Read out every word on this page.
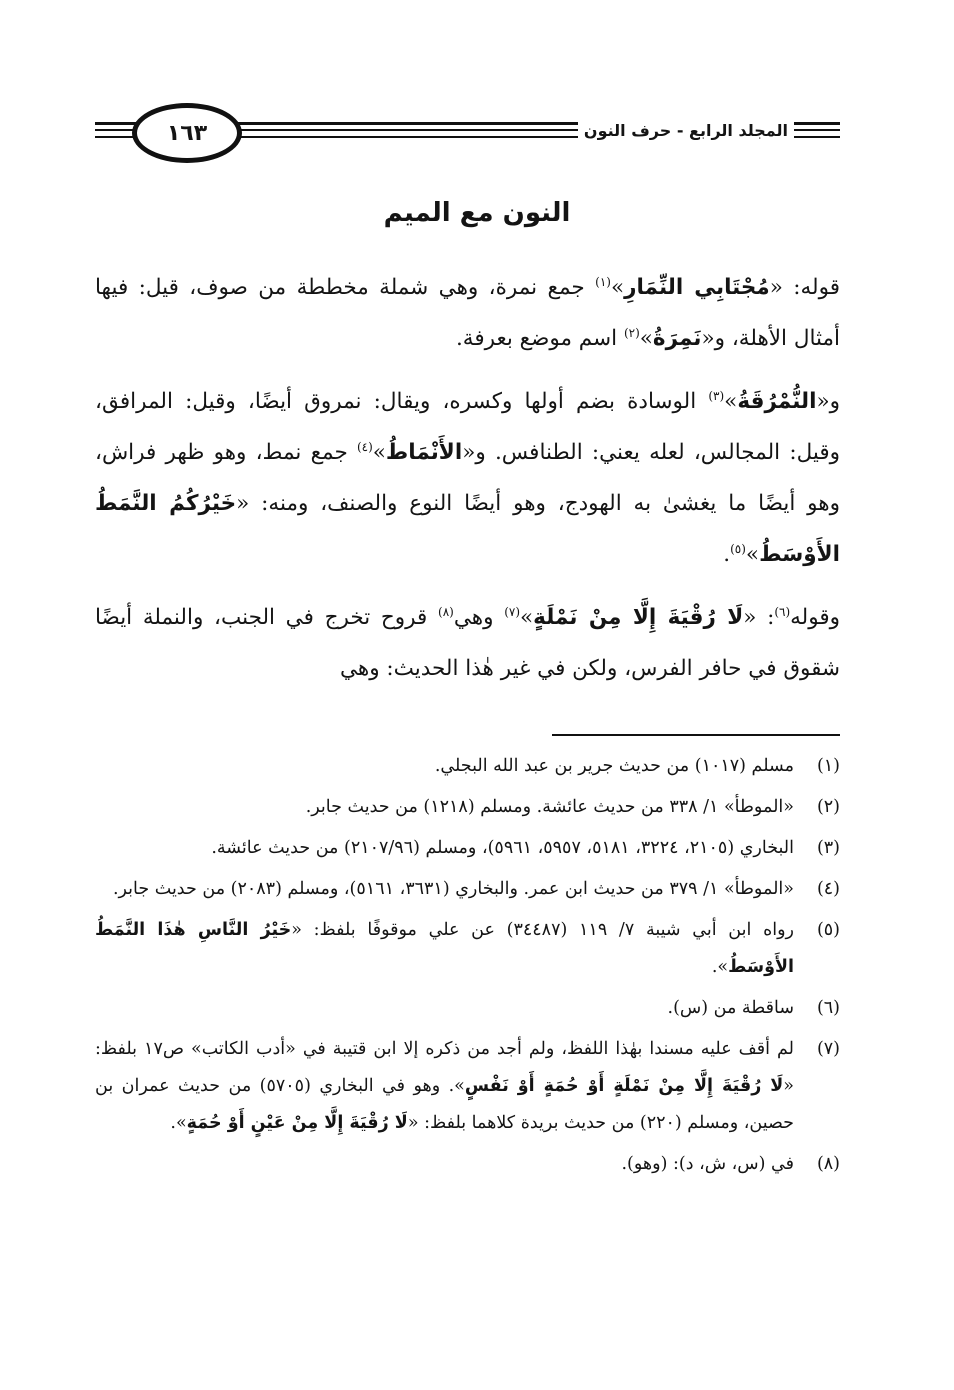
١٦٣	المجلد الرابع - حرف النون
النون مع الميم

قوله: «مُجْتَابِي النِّمَارِ»$^{(١)}$ جمع نمرة، وهي شملة مخططة من صوف، قيل: فيها أمثال الأهلة، و«نَمِرَةُ»$^{(٢)}$ اسم موضع بعرفة.

و«النُّمْرُقَةُ»$^{(٣)}$ الوسادة بضم أولها وكسره، ويقال: نمروق أيضًا، وقيل: المرافق، وقيل: المجالس، لعله يعني: الطنافس. و«الأَنْمَاطُ»$^{(٤)}$ جمع نمط، وهو ظهر فراش، وهو أيضًا ما يغشىٰ به الهودج، وهو أيضًا النوع والصنف، ومنه: «خَيْرُكُمُ النَّمَطُ الأَوْسَطُ»$^{(٥)}$.

وقوله$^{(٦)}$: «لَا رُقْيَةَ إِلَّا مِنْ نَمْلَةٍ»$^{(٧)}$ وهي$^{(٨)}$ قروح تخرج في الجنب، والنملة أيضًا شقوق في حافر الفرس، ولكن في غير هٰذا الحديث: وهي

(١)
مسلم (١٠١٧) من حديث جرير بن عبد الله البجلي.
(٢)
«الموطأ» ١/ ٣٣٨ من حديث عائشة. ومسلم (١٢١٨) من حديث جابر.
(٣)
البخاري (٢١٠٥، ٣٢٢٤، ٥١٨١، ٥٩٥٧، ٥٩٦١)، ومسلم (٢١٠٧/٩٦) من حديث عائشة.
(٤)
«الموطأ» ١/ ٣٧٩ من حديث ابن عمر. والبخاري (٣٦٣١، ٥١٦١)، ومسلم (٢٠٨٣) من حديث جابر.
(٥)
رواه ابن أبي شيبة ٧/ ١١٩ (٣٤٤٨٧) عن علي موقوفًا بلفظ: «خَيْرُ النَّاسِ هٰذَا النَّمَطُ الأَوْسَطُ».
(٦)
ساقطة من (س).
(٧)
لم أقف عليه مسندا بهٰذا اللفظ، ولم أجد من ذكره إلا ابن قتيبة في «أدب الكاتب» ص١٧ بلفظ: «لَا رُقْيَةَ إِلَّا مِنْ نَمْلَةٍ أَوْ حُمَةٍ أَوْ نَفْسٍ». وهو في البخاري (٥٧٠٥) من حديث عمران بن حصين، ومسلم (٢٢٠) من حديث بريدة كلاهما بلفظ: «لَا رُقْيَةَ إِلَّا مِنْ عَيْنٍ أَوْ حُمَةٍ».
(٨)
في (س، ش، د): (وهو).
